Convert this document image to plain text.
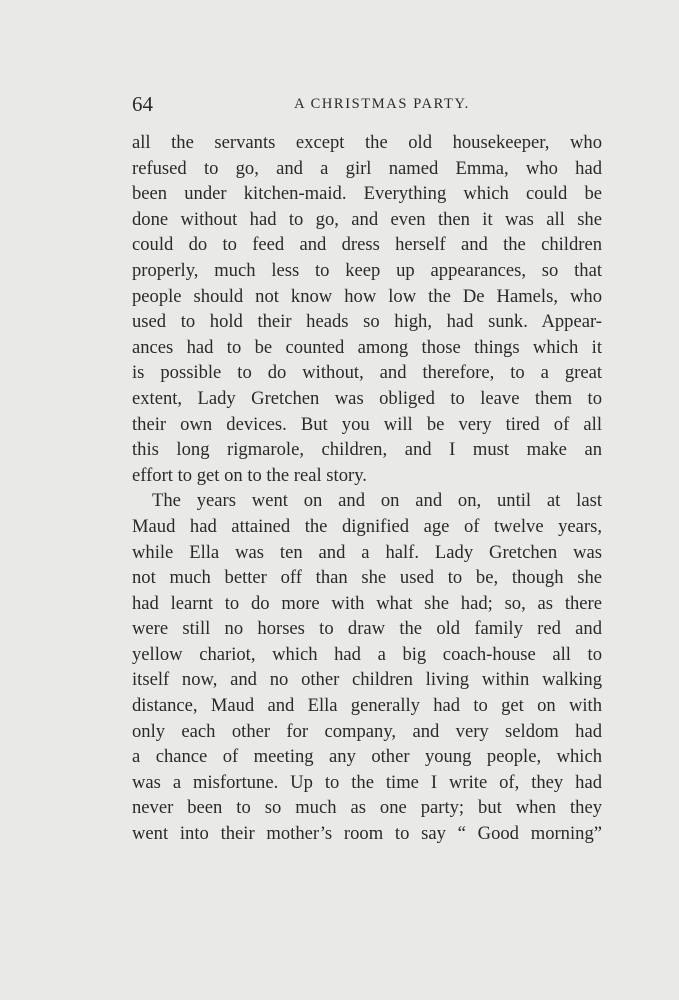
64	A CHRISTMAS PARTY.
all the servants except the old housekeeper, who
refused to go, and a girl named Emma, who had
been under kitchen-maid. Everything which could be
done without had to go, and even then it was all she
could do to feed and dress herself and the children
properly, much less to keep up appearances, so that
people should not know how low the De Hamels, who
used to hold their heads so high, had sunk. Appear-
ances had to be counted among those things which it
is possible to do without, and therefore, to a great
extent, Lady Gretchen was obliged to leave them to
their own devices. But you will be very tired of all
this long rigmarole, children, and I must make an
effort to get on to the real story.
The years went on and on and on, until at last
Maud had attained the dignified age of twelve years,
while Ella was ten and a half. Lady Gretchen was
not much better off than she used to be, though she
had learnt to do more with what she had; so, as there
were still no horses to draw the old family red and
yellow chariot, which had a big coach-house all to
itself now, and no other children living within walking
distance, Maud and Ella generally had to get on with
only each other for company, and very seldom had
a chance of meeting any other young people, which
was a misfortune. Up to the time I write of, they had
never been to so much as one party; but when they
went into their mother’s room to say “ Good morning”
